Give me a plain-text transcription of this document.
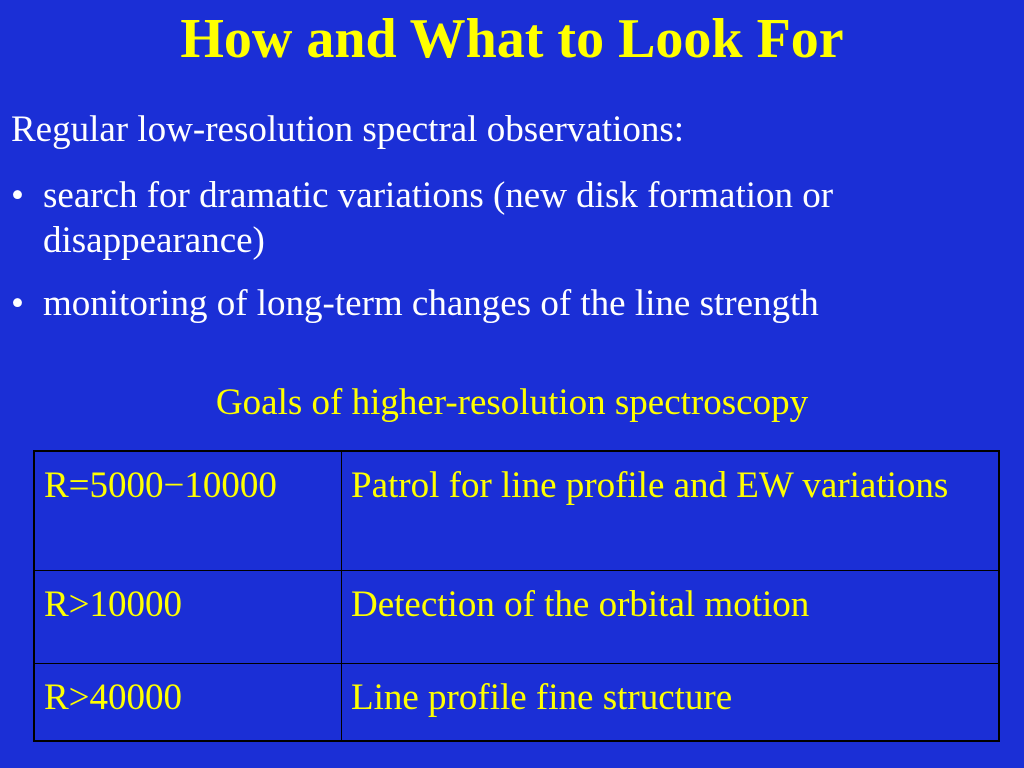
How and What to Look For
Regular low-resolution spectral observations:
• search for dramatic variations (new disk formation or disappearance)
• monitoring of long-term changes of the line strength
Goals of higher-resolution spectroscopy
R=5000−10000	Patrol for line profile and EW variations
R>10000	Detection of the orbital motion
R>40000	Line profile fine structure
